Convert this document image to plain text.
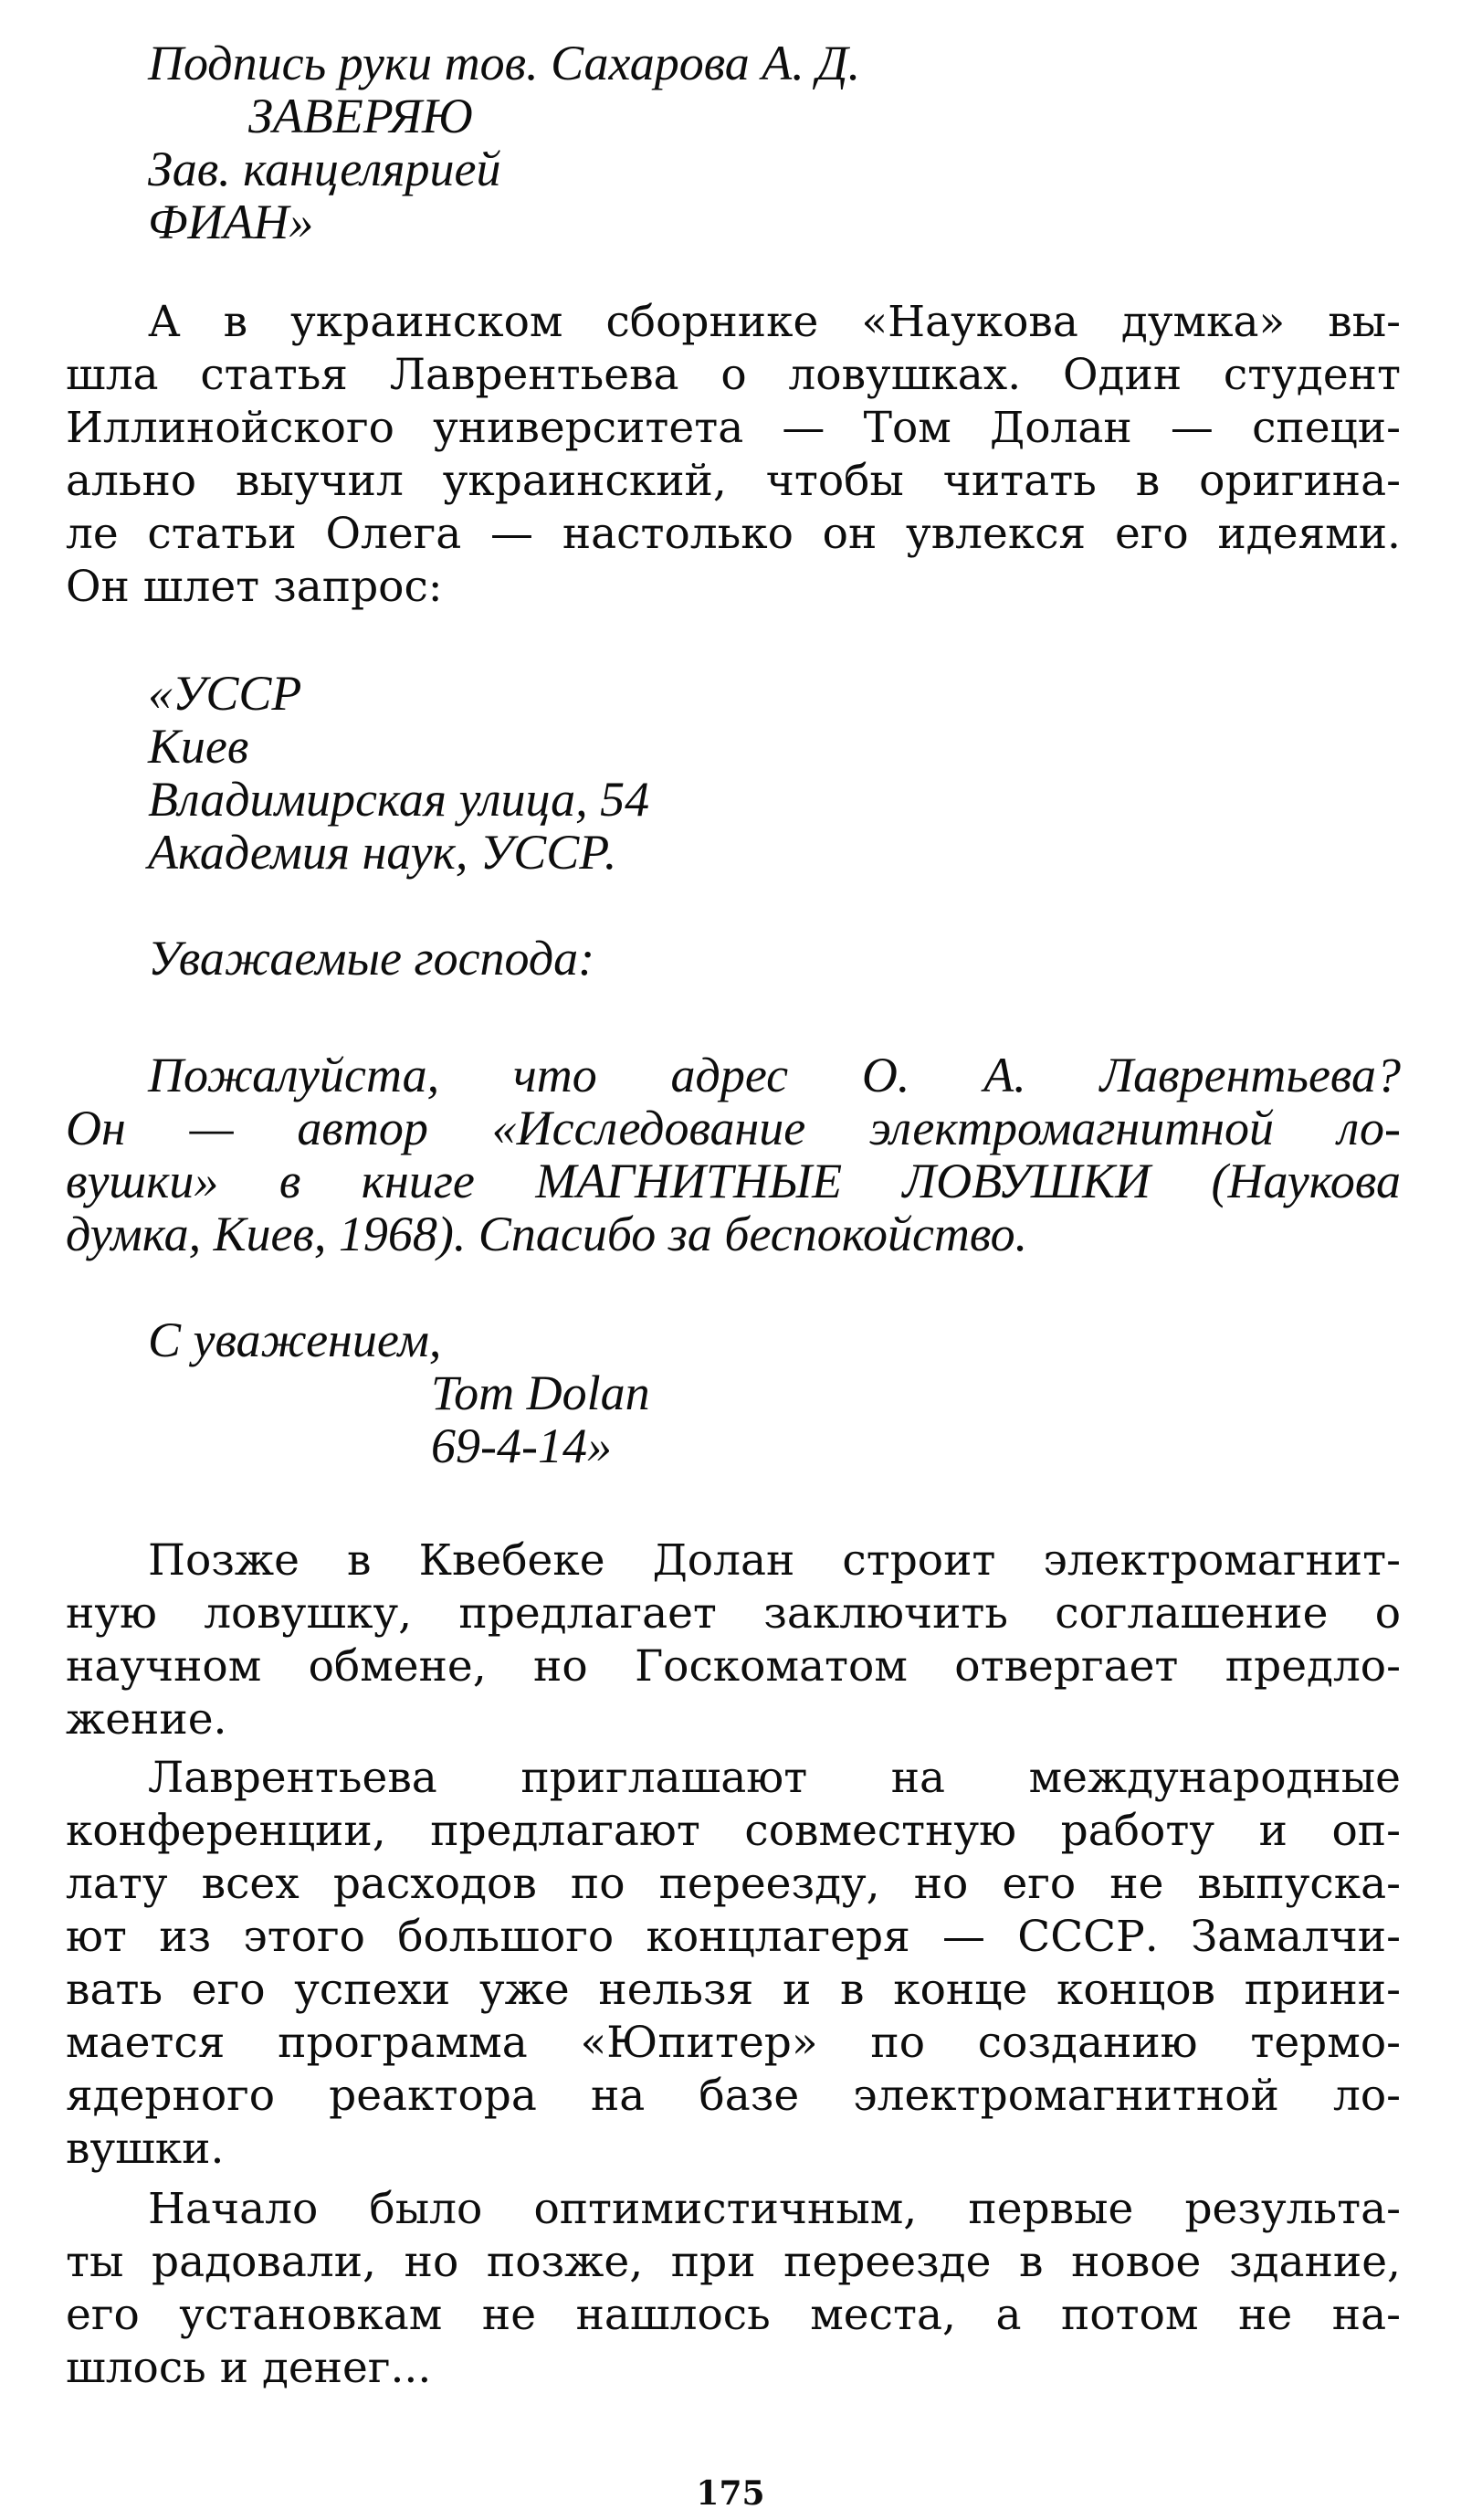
Подпись руки тов. Сахарова А. Д.
ЗАВЕРЯЮ
Зав. канцелярией
ФИАН»
А в украинском сборнике «Наукова думка» вы-
шла статья Лаврентьева о ловушках. Один студент
Иллинойского университета — Том Долан — специ-
ально выучил украинский, чтобы читать в оригина-
ле статьи Олега — настолько он увлекся его идеями.
Он шлет запрос:
«УССР
Киев
Владимирская улица, 54
Академия наук, УССР.
Уважаемые господа:
Пожалуйста, что адрес О. А. Лаврентьева?
Он — автор «Исследование электромагнитной ло-
вушки» в книге МАГНИТНЫЕ ЛОВУШКИ (Наукова
думка, Киев, 1968). Спасибо за беспокойство.
С уважением,
Tom Dolan
69-4-14»
Позже в Квебеке Долан строит электромагнит-
ную ловушку, предлагает заключить соглашение о
научном обмене, но Госкоматом отвергает предло-
жение.
Лаврентьева приглашают на международные
конференции, предлагают совместную работу и оп-
лату всех расходов по переезду, но его не выпуска-
ют из этого большого концлагеря — СССР. Замалчи-
вать его успехи уже нельзя и в конце концов прини-
мается программа «Юпитер» по созданию термо-
ядерного реактора на базе электромагнитной ло-
вушки.
Начало было оптимистичным, первые результа-
ты радовали, но позже, при переезде в новое здание,
его установкам не нашлось места, а потом не на-
шлось и денег...
175
